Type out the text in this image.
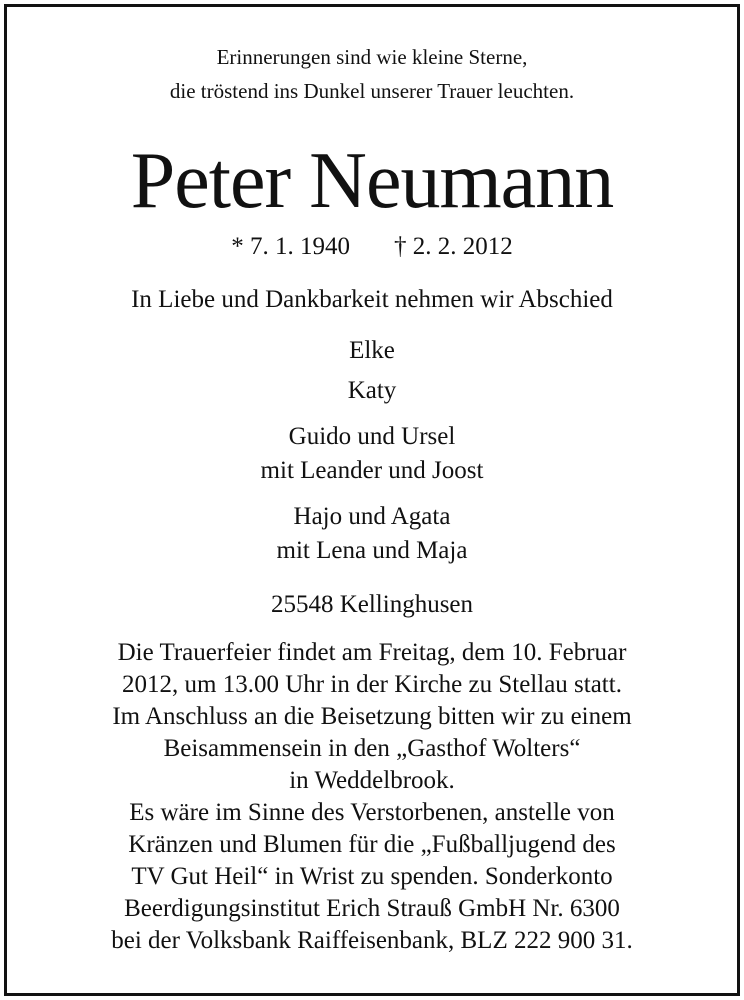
Erinnerungen sind wie kleine Sterne,
die tröstend ins Dunkel unserer Trauer leuchten.
Peter Neumann
* 7. 1. 1940 † 2. 2. 2012
In Liebe und Dankbarkeit nehmen wir Abschied
Elke
Katy
Guido und Ursel
mit Leander und Joost
Hajo und Agata
mit Lena und Maja
25548 Kellinghusen
Die Trauerfeier findet am Freitag, dem 10. Februar
2012, um 13.00 Uhr in der Kirche zu Stellau statt.
Im Anschluss an die Beisetzung bitten wir zu einem
Beisammensein in den „Gasthof Wolters“
in Weddelbrook.
Es wäre im Sinne des Verstorbenen, anstelle von
Kränzen und Blumen für die „Fußballjugend des
TV Gut Heil“ in Wrist zu spenden. Sonderkonto
Beerdigungsinstitut Erich Strauß GmbH Nr. 6300
bei der Volksbank Raiffeisenbank, BLZ 222 900 31.
